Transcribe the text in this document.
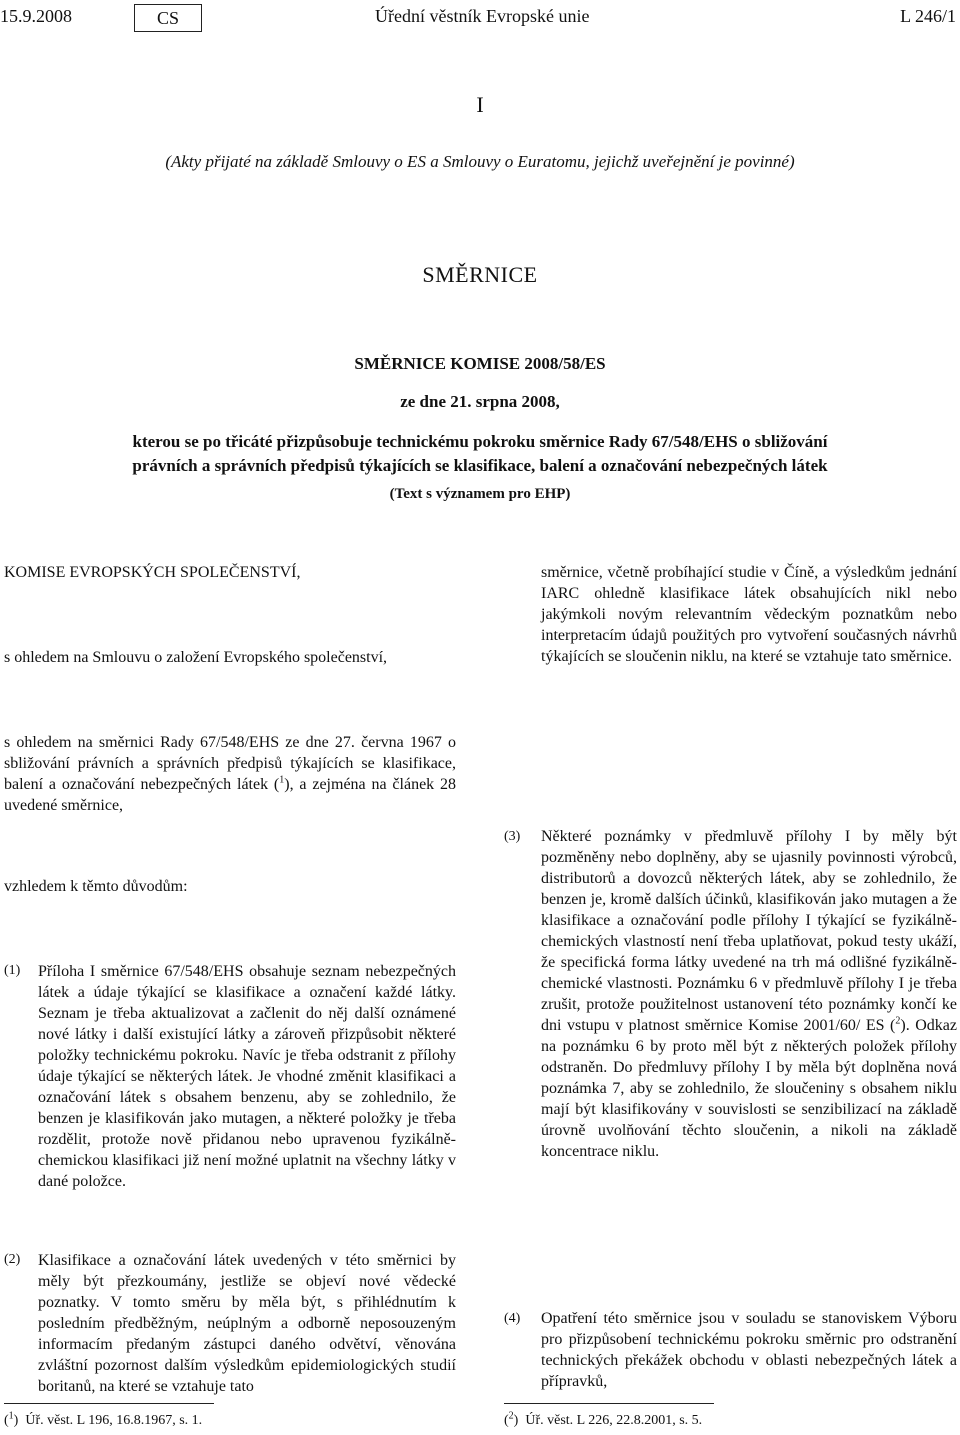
15.9.2008	CS	Úřední věstník Evropské unie	L 246/1
I
(Akty přijaté na základě Smlouvy o ES a Smlouvy o Euratomu, jejichž uveřejnění je povinné)
SMĚRNICE
SMĚRNICE KOMISE 2008/58/ES
ze dne 21. srpna 2008,
kterou se po třicáté přizpůsobuje technickému pokroku směrnice Rady 67/548/EHS o sbližování
právních a správních předpisů týkajících se klasifikace, balení a označování nebezpečných látek
(Text s významem pro EHP)
KOMISE EVROPSKÝCH SPOLEČENSTVÍ,
s ohledem na Smlouvu o založení Evropského společenství,
s ohledem na směrnici Rady 67/548/EHS ze dne 27. června 1967 o sbližování právních a správních předpisů týkajících se klasifikace, balení a označování nebezpečných látek ($^1$), a zejména na článek 28 uvedené směrnice,
vzhledem k těmto důvodům:
(1) Příloha I směrnice 67/548/EHS obsahuje seznam nebezpečných látek a údaje týkající se klasifikace a označení každé látky. Seznam je třeba aktualizovat a začlenit do něj další oznámené nové látky i další existující látky a zároveň přizpůsobit některé položky technickému pokroku. Navíc je třeba odstranit z přílohy údaje týkající se některých látek. Je vhodné změnit klasifikaci a označování látek s obsahem benzenu, aby se zohlednilo, že benzen je klasifikován jako mutagen, a některé položky je třeba rozdělit, protože nově přidanou nebo upravenou fyzikálně-chemickou klasifikaci již není možné uplatnit na všechny látky v dané položce.
(2) Klasifikace a označování látek uvedených v této směrnici by měly být přezkoumány, jestliže se objeví nové vědecké poznatky. V tomto směru by měla být, s přihlédnutím k posledním předběžným, neúplným a odborně neposouzeným informacím předaným zástupci daného odvětví, věnována zvláštní pozornost dalším výsledkům epidemiologických studií boritanů, na které se vztahuje tato
směrnice, včetně probíhající studie v Číně, a výsledkům jednání IARC ohledně klasifikace látek obsahujících nikl nebo jakýmkoli novým relevantním vědeckým poznatkům nebo interpretacím údajů použitých pro vytvoření současných návrhů týkajících se sloučenin niklu, na které se vztahuje tato směrnice.
(3) Některé poznámky v předmluvě přílohy I by měly být pozměněny nebo doplněny, aby se ujasnily povinnosti výrobců, distributorů a dovozců některých látek, aby se zohlednilo, že benzen je, kromě dalších účinků, klasifikován jako mutagen a že klasifikace a označování podle přílohy I týkající se fyzikálně-chemických vlastností není třeba uplatňovat, pokud testy ukáží, že specifická forma látky uvedené na trh má odlišné fyzikálně-chemické vlastnosti. Poznámku 6 v předmluvě přílohy I je třeba zrušit, protože použitelnost ustanovení této poznámky končí ke dni vstupu v platnost směrnice Komise 2001/60/ ES ($^2$). Odkaz na poznámku 6 by proto měl být z některých položek přílohy odstraněn. Do předmluvy přílohy I by měla být doplněna nová poznámka 7, aby se zohlednilo, že sloučeniny s obsahem niklu mají být klasifikovány v souvislosti se senzibilizací na základě úrovně uvolňování těchto sloučenin, a nikoli na základě koncentrace niklu.
(4) Opatření této směrnice jsou v souladu se stanoviskem Výboru pro přizpůsobení technickému pokroku směrnic pro odstranění technických překážek obchodu v oblasti nebezpečných látek a přípravků,
($^1$)  Úř. věst. L 196, 16.8.1967, s. 1.	($^2$)  Úř. věst. L 226, 22.8.2001, s. 5.
